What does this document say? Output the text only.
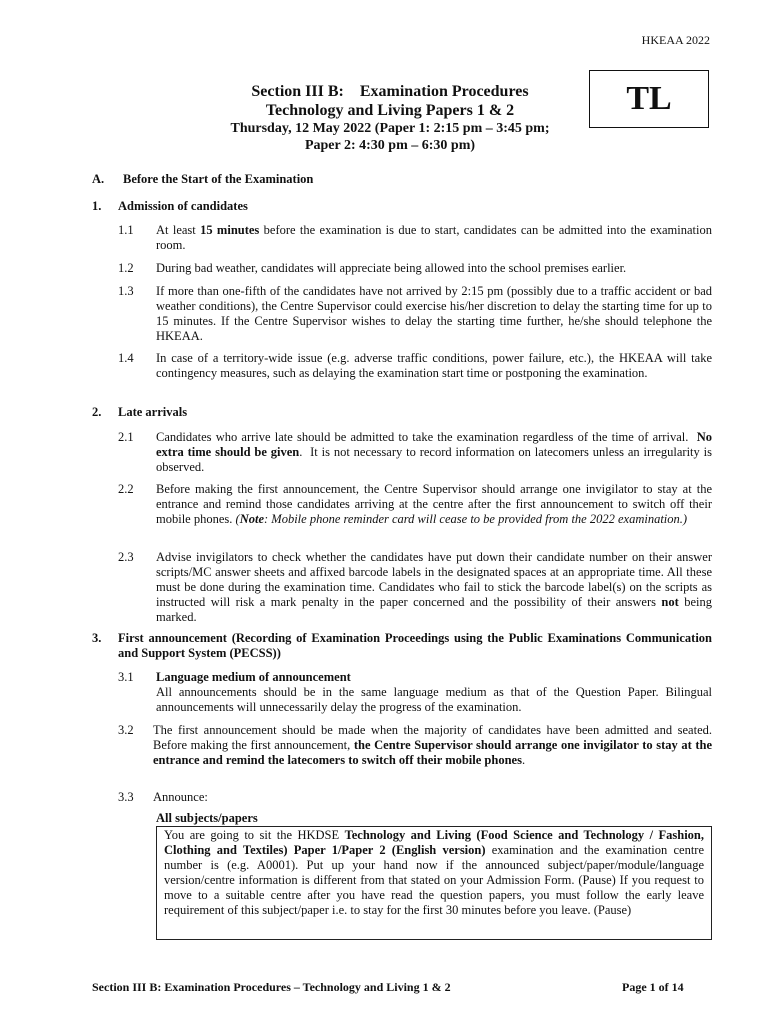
HKEAA 2022
Section III B:    Examination Procedures
Technology and Living Papers 1 & 2
Thursday, 12 May 2022 (Paper 1: 2:15 pm – 3:45 pm;
Paper 2: 4:30 pm – 6:30 pm)
TL
A. Before the Start of the Examination
1. Admission of candidates
1.1 At least 15 minutes before the examination is due to start, candidates can be admitted into the examination room.
1.2 During bad weather, candidates will appreciate being allowed into the school premises earlier.
1.3 If more than one-fifth of the candidates have not arrived by 2:15 pm (possibly due to a traffic accident or bad weather conditions), the Centre Supervisor could exercise his/her discretion to delay the starting time for up to 15 minutes. If the Centre Supervisor wishes to delay the starting time further, he/she should telephone the HKEAA.
1.4 In case of a territory-wide issue (e.g. adverse traffic conditions, power failure, etc.), the HKEAA will take contingency measures, such as delaying the examination start time or postponing the examination.
2. Late arrivals
2.1 Candidates who arrive late should be admitted to take the examination regardless of the time of arrival.  No extra time should be given.  It is not necessary to record information on latecomers unless an irregularity is observed.
2.2 Before making the first announcement, the Centre Supervisor should arrange one invigilator to stay at the entrance and remind those candidates arriving at the centre after the first announcement to switch off their mobile phones. (Note: Mobile phone reminder card will cease to be provided from the 2022 examination.)
2.3 Advise invigilators to check whether the candidates have put down their candidate number on their answer scripts/MC answer sheets and affixed barcode labels in the designated spaces at an appropriate time. All these must be done during the examination time. Candidates who fail to stick the barcode label(s) on the scripts as instructed will risk a mark penalty in the paper concerned and the possibility of their answers not being marked.
3. First announcement (Recording of Examination Proceedings using the Public Examinations Communication and Support System (PECSS))
3.1 Language medium of announcement
All announcements should be in the same language medium as that of the Question Paper. Bilingual announcements will unnecessarily delay the progress of the examination.
3.2 The first announcement should be made when the majority of candidates have been admitted and seated. Before making the first announcement, the Centre Supervisor should arrange one invigilator to stay at the entrance and remind the latecomers to switch off their mobile phones.
3.3 Announce:
All subjects/papers
You are going to sit the HKDSE Technology and Living (Food Science and Technology / Fashion, Clothing and Textiles) Paper 1/Paper 2 (English version) examination and the examination centre number is (e.g. A0001). Put up your hand now if the announced subject/paper/module/language version/centre information is different from that stated on your Admission Form. (Pause) If you request to move to a suitable centre after you have read the question papers, you must follow the early leave requirement of this subject/paper i.e. to stay for the first 30 minutes before you leave. (Pause)
Section III B: Examination Procedures – Technology and Living 1 & 2	Page 1 of 14
